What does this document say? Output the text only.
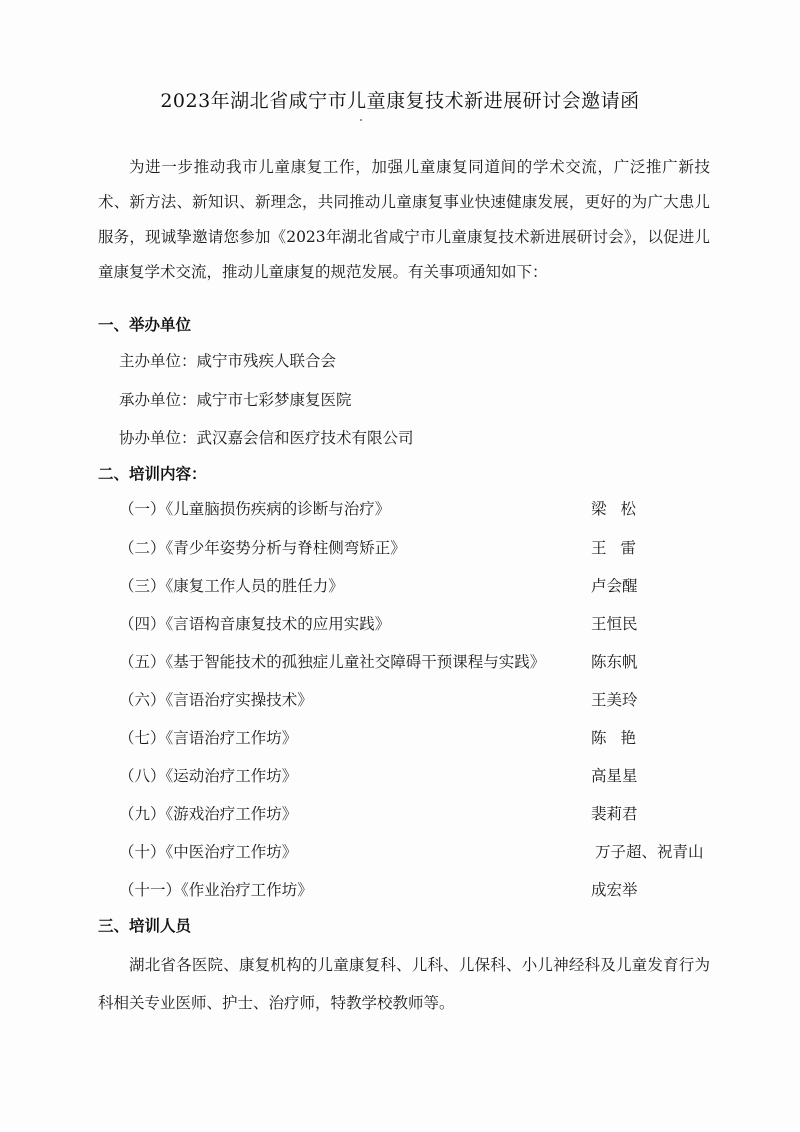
2023年湖北省咸宁市儿童康复技术新进展研讨会邀请函

为进一步推动我市儿童康复工作，加强儿童康复同道间的学术交流，广泛推广新技术、新方法、新知识、新理念，共同推动儿童康复事业快速健康发展，更好的为广大患儿服务，现诚挚邀请您参加《2023年湖北省咸宁市儿童康复技术新进展研讨会》，以促进儿童康复学术交流，推动儿童康复的规范发展。有关事项通知如下：

一、举办单位
主办单位：咸宁市残疾人联合会
承办单位：咸宁市七彩梦康复医院
协办单位：武汉嘉会信和医疗技术有限公司
二、培训内容：
（一）《儿童脑损伤疾病的诊断与治疗》	梁松
（二）《青少年姿势分析与脊柱侧弯矫正》	王雷
（三）《康复工作人员的胜任力》	卢会醒
（四）《言语构音康复技术的应用实践》	王恒民
（五）《基于智能技术的孤独症儿童社交障碍干预课程与实践》	陈东帆
（六）《言语治疗实操技术》	王美玲
（七）《言语治疗工作坊》	陈艳
（八）《运动治疗工作坊》	高星星
（九）《游戏治疗工作坊》	裴莉君
（十）《中医治疗工作坊》	万子超、祝青山
（十一）《作业治疗工作坊》	成宏举
三、培训人员

湖北省各医院、康复机构的儿童康复科、儿科、儿保科、小儿神经科及儿童发育行为科相关专业医师、护士、治疗师，特教学校教师等。
